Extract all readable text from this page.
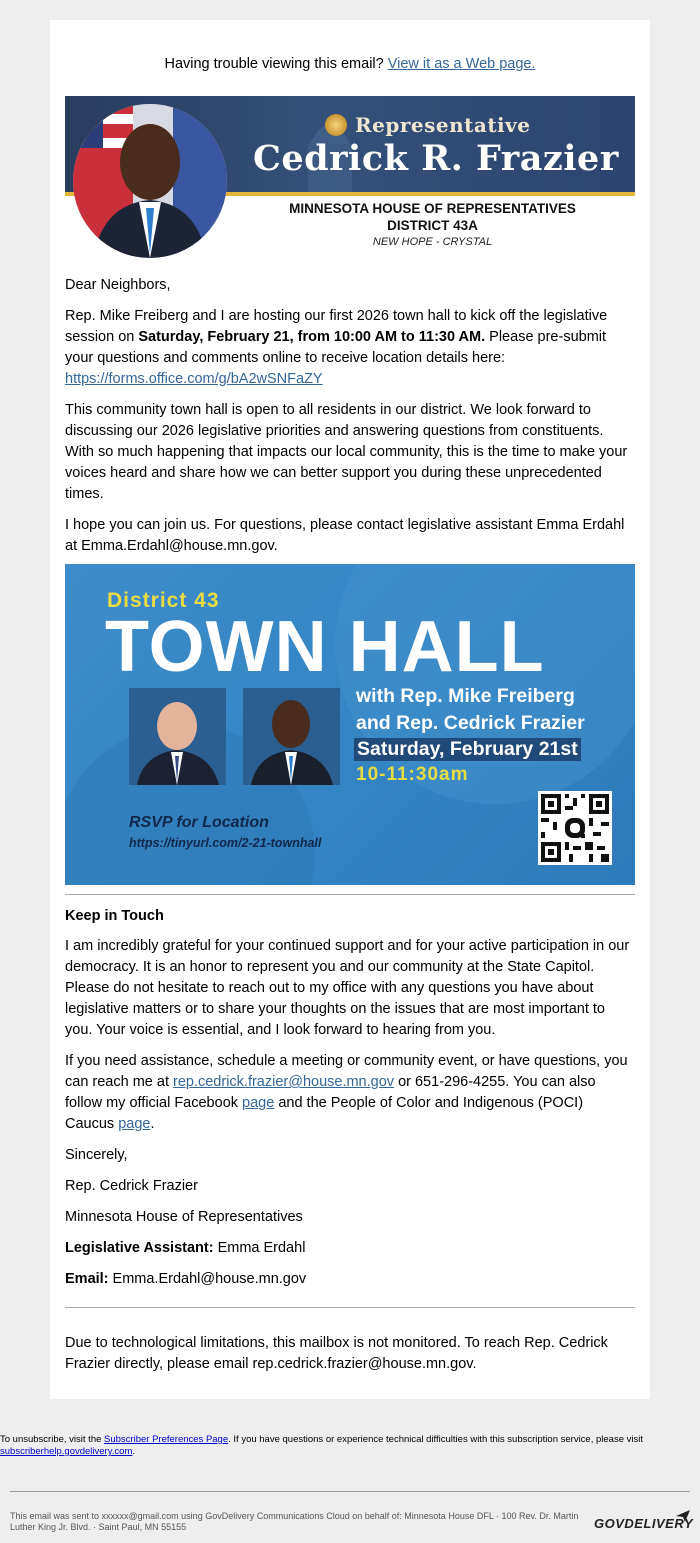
Having trouble viewing this email? View it as a Web page.
Representative
Cedrick R. Frazier
MINNESOTA HOUSE OF REPRESENTATIVES
DISTRICT 43A
NEW HOPE - CRYSTAL
Dear Neighbors,
Rep. Mike Freiberg and I are hosting our first 2026 town hall to kick off the legislative session on Saturday, February 21, from 10:00 AM to 11:30 AM. Please pre-submit your questions and comments online to receive location details here: https://forms.office.com/g/bA2wSNFaZY
This community town hall is open to all residents in our district. We look forward to discussing our 2026 legislative priorities and answering questions from constituents. With so much happening that impacts our local community, this is the time to make your voices heard and share how we can better support you during these unprecedented times.
I hope you can join us. For questions, please contact legislative assistant Emma Erdahl at Emma.Erdahl@house.mn.gov.
District 43
TOWN HALL
with Rep. Mike Freiberg
and Rep. Cedrick Frazier
Saturday, February 21st
10-11:30am
RSVP for Location
https://tinyurl.com/2-21-townhall
Keep in Touch
I am incredibly grateful for your continued support and for your active participation in our democracy. It is an honor to represent you and our community at the State Capitol. Please do not hesitate to reach out to my office with any questions you have about legislative matters or to share your thoughts on the issues that are most important to you. Your voice is essential, and I look forward to hearing from you.
If you need assistance, schedule a meeting or community event, or have questions, you can reach me at rep.cedrick.frazier@house.mn.gov or 651-296-4255. You can also follow my official Facebook page and the People of Color and Indigenous (POCI) Caucus page.
Sincerely,
Rep. Cedrick Frazier
Minnesota House of Representatives
Legislative Assistant: Emma Erdahl
Email: Emma.Erdahl@house.mn.gov
Due to technological limitations, this mailbox is not monitored. To reach Rep. Cedrick Frazier directly, please email rep.cedrick.frazier@house.mn.gov.
To unsubscribe, visit the Subscriber Preferences Page. If you have questions or experience technical difficulties with this subscription service, please visit subscriberhelp.govdelivery.com.
This email was sent to xxxxxx@gmail.com using GovDelivery Communications Cloud on behalf of: Minnesota House DFL · 100 Rev. Dr. Martin Luther King Jr. Blvd. · Saint Paul, MN 55155	GOVDELIVERY
